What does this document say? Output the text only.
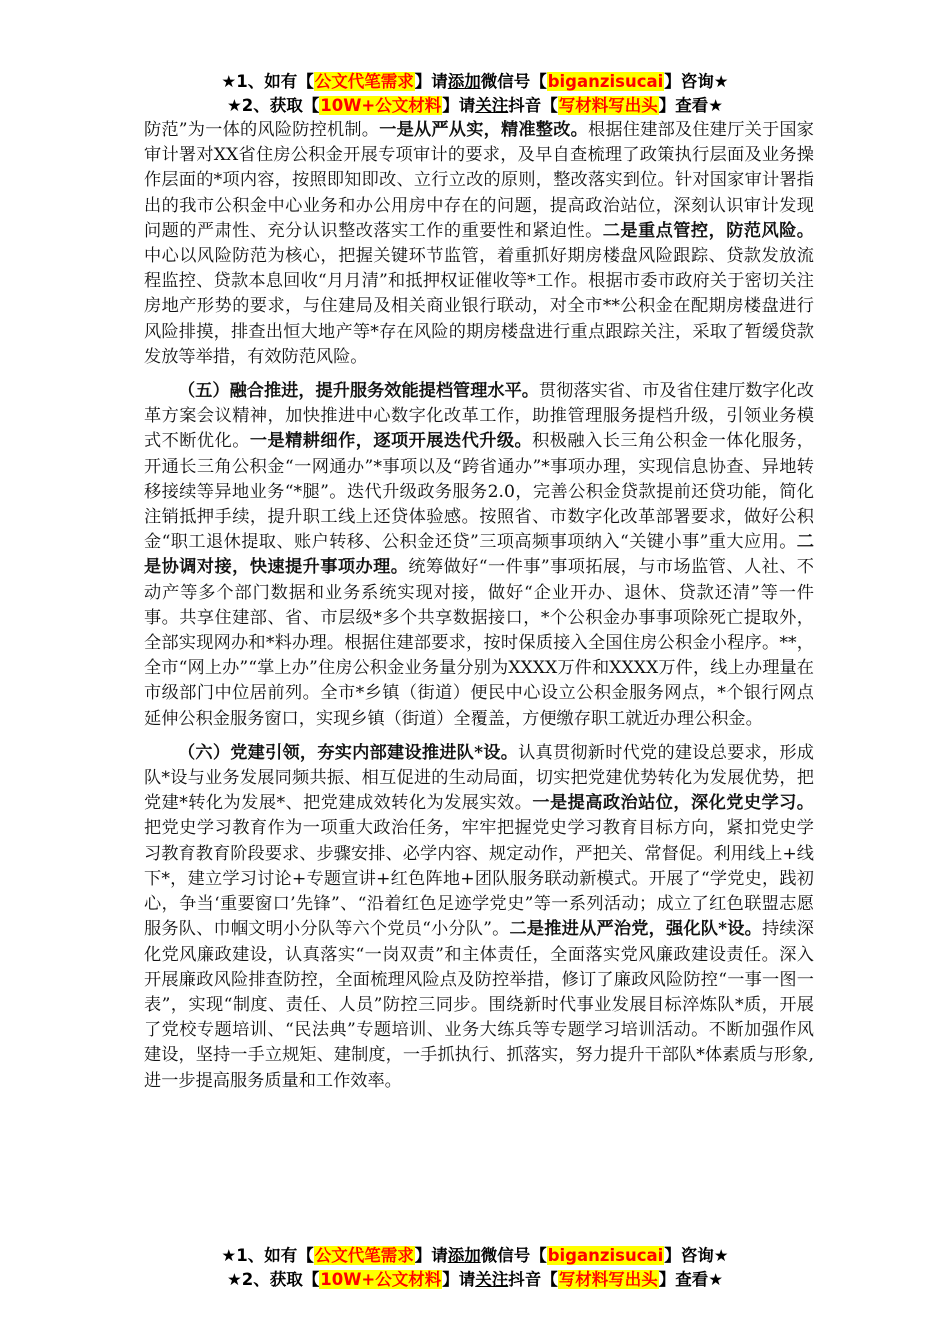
★1、如有【公文代笔需求】请添加微信号【biganzisucai】咨询★
★2、获取【10W+公文材料】请关注抖音【写材料写出头】查看★

防范”为一体的风险防控机制。一是从严从实，精准整改。根据住建部及住建厅关于国家审计署对XX省住房公积金开展专项审计的要求，及早自查梳理了政策执行层面及业务操作层面的*项内容，按照即知即改、立行立改的原则，整改落实到位。针对国家审计署指出的我市公积金中心业务和办公用房中存在的问题，提高政治站位，深刻认识审计发现问题的严肃性、充分认识整改落实工作的重要性和紧迫性。二是重点管控，防范风险。中心以风险防范为核心，把握关键环节监管，着重抓好期房楼盘风险跟踪、贷款发放流程监控、贷款本息回收“月月清”和抵押权证催收等*工作。根据市委市政府关于密切关注房地产形势的要求，与住建局及相关商业银行联动，对全市**公积金在配期房楼盘进行风险排摸，排查出恒大地产等*存在风险的期房楼盘进行重点跟踪关注，采取了暂缓贷款发放等举措，有效防范风险。

（五）融合推进，提升服务效能提档管理水平。贯彻落实省、市及省住建厅数字化改革方案会议精神，加快推进中心数字化改革工作，助推管理服务提档升级，引领业务模式不断优化。一是精耕细作，逐项开展迭代升级。积极融入长三角公积金一体化服务，开通长三角公积金“一网通办”*事项以及“跨省通办”*事项办理，实现信息协查、异地转移接续等异地业务“*腿”。迭代升级政务服务2.0，完善公积金贷款提前还贷功能，简化注销抵押手续，提升职工线上还贷体验感。按照省、市数字化改革部署要求，做好公积金“职工退休提取、账户转移、公积金还贷”三项高频事项纳入“关键小事”重大应用。二是协调对接，快速提升事项办理。统筹做好“一件事”事项拓展，与市场监管、人社、不动产等多个部门数据和业务系统实现对接，做好“企业开办、退休、贷款还清”等一件事。共享住建部、省、市层级*多个共享数据接口，*个公积金办事事项除死亡提取外，全部实现网办和*料办理。根据住建部要求，按时保质接入全国住房公积金小程序。**，全市“网上办”“掌上办”住房公积金业务量分别为XXXX万件和XXXX万件，线上办理量在市级部门中位居前列。全市*乡镇（街道）便民中心设立公积金服务网点，*个银行网点延伸公积金服务窗口，实现乡镇（街道）全覆盖，方便缴存职工就近办理公积金。

（六）党建引领，夯实内部建设推进队*设。认真贯彻新时代党的建设总要求，形成队*设与业务发展同频共振、相互促进的生动局面，切实把党建优势转化为发展优势，把党建*转化为发展*、把党建成效转化为发展实效。一是提高政治站位，深化党史学习。把党史学习教育作为一项重大政治任务，牢牢把握党史学习教育目标方向，紧扣党史学习教育教育阶段要求、步骤安排、必学内容、规定动作，严把关、常督促。利用线上+线下*，建立学习讨论+专题宣讲+红色阵地+团队服务联动新模式。开展了“学党史，践初心，争当‘重要窗口’先锋”、“沿着红色足迹学党史”等一系列活动；成立了红色联盟志愿服务队、巾帼文明小分队等六个党员“小分队”。二是推进从严治党，强化队*设。持续深化党风廉政建设，认真落实“一岗双责”和主体责任，全面落实党风廉政建设责任。深入开展廉政风险排查防控，全面梳理风险点及防控举措，修订了廉政风险防控“一事一图一表”，实现“制度、责任、人员”防控三同步。围绕新时代事业发展目标淬炼队*质，开展了党校专题培训、“民法典”专题培训、业务大练兵等专题学习培训活动。不断加强作风建设，坚持一手立规矩、建制度，一手抓执行、抓落实，努力提升干部队*体素质与形象,进一步提高服务质量和工作效率。

★1、如有【公文代笔需求】请添加微信号【biganzisucai】咨询★
★2、获取【10W+公文材料】请关注抖音【写材料写出头】查看★
